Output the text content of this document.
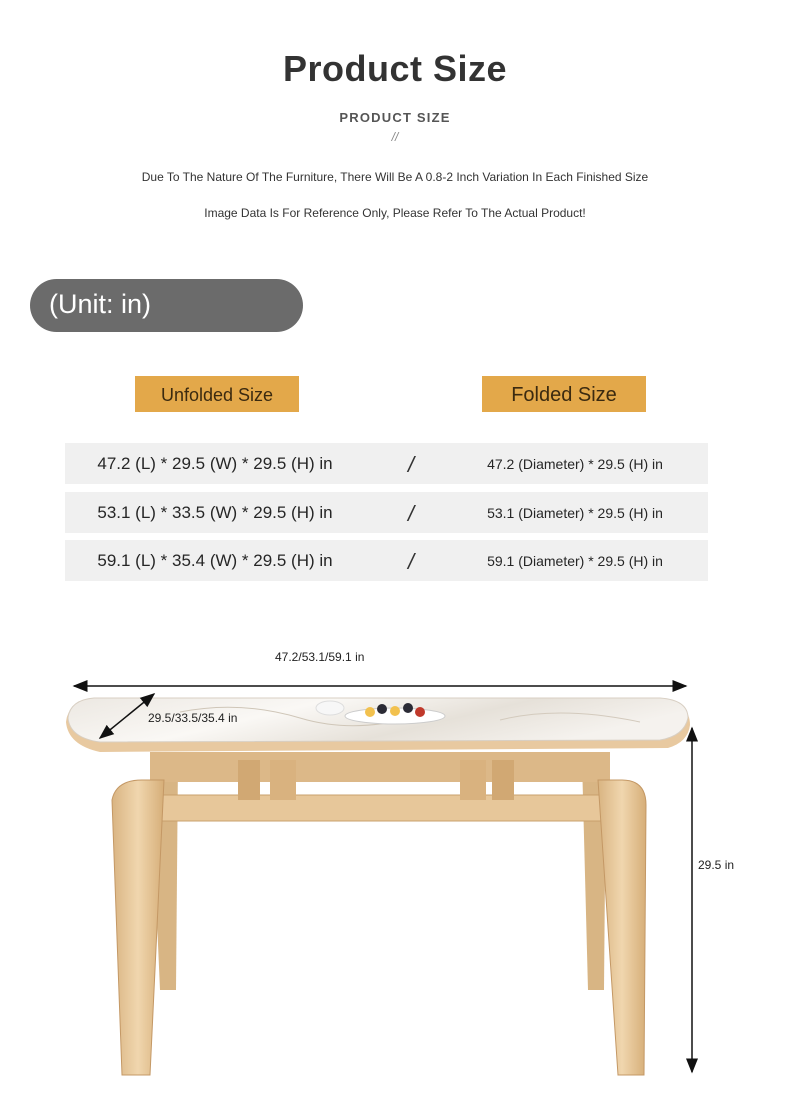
Product Size
PRODUCT SIZE
//
Due To The Nature Of The Furniture, There Will Be A 0.8-2 Inch Variation In Each Finished Size
Image Data Is For Reference Only, Please Refer To The Actual Product!
(Unit: in)
Unfolded Size	Folded Size
47.2 (L) * 29.5 (W) * 29.5 (H) in	/	47.2 (Diameter) * 29.5 (H) in
53.1 (L) * 33.5 (W) * 29.5 (H) in	/	53.1 (Diameter) * 29.5 (H) in
59.1 (L) * 35.4 (W) * 29.5 (H) in	/	59.1 (Diameter) * 29.5 (H) in
47.2/53.1/59.1 in
29.5/33.5/35.4 in
29.5 in
